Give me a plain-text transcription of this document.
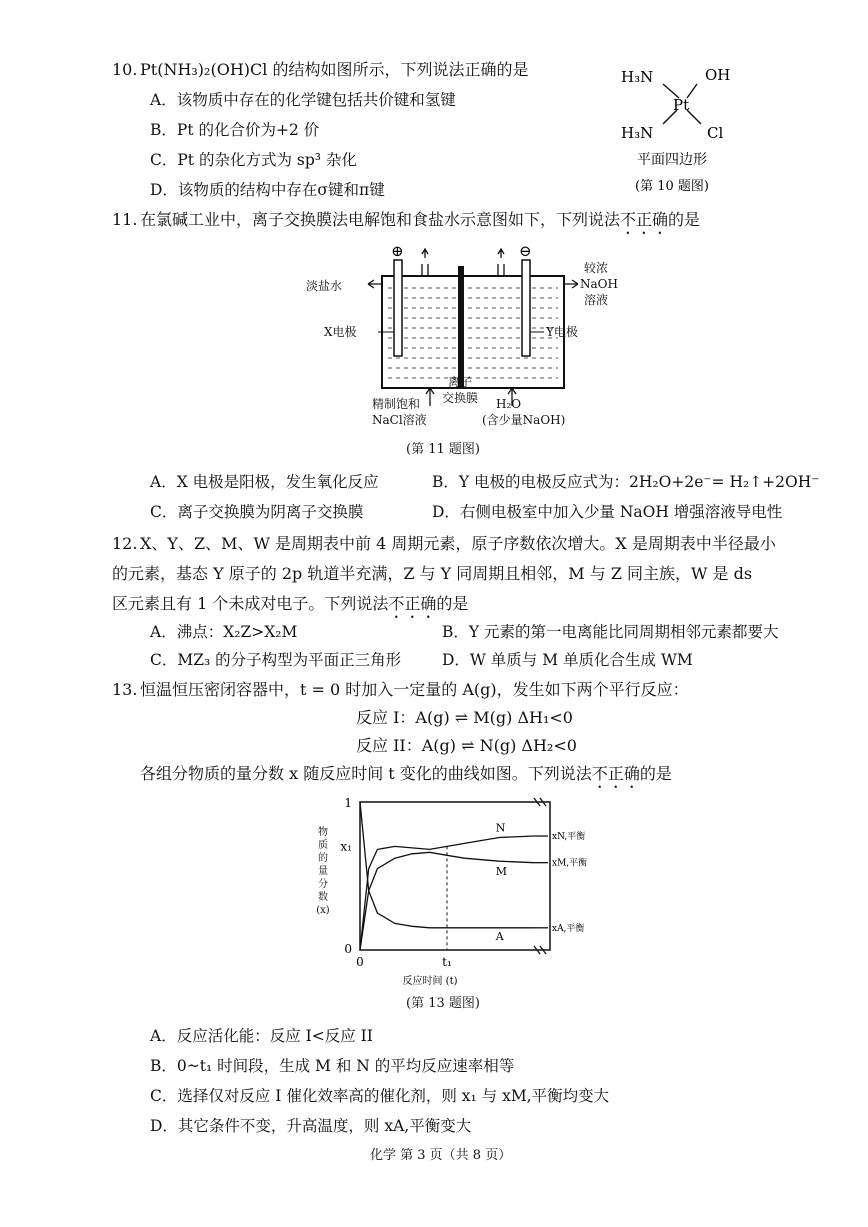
10. Pt(NH₃)₂(OH)Cl 的结构如图所示，下列说法正确的是
A．该物质中存在的化学键包括共价键和氢键
B．Pt 的化合价为+2 价
C．Pt 的杂化方式为 sp³ 杂化
D．该物质的结构中存在σ键和π键
H₃N	OH
Pt
H₃N	Cl
平面四边形
(第 10 题图)
11. 在氯碱工业中，离子交换膜法电解饱和食盐水示意图如下，下列说法不正确的是
⊕	⊖
淡盐水
较浓
NaOH
溶液
X电极	Y电极
离子
交换膜
精制饱和
NaCl溶液
H₂O
(含少量NaOH)
(第 11 题图)
A．X 电极是阳极，发生氧化反应	B．Y 电极的电极反应式为：2H₂O+2e⁻= H₂↑+2OH⁻
C．离子交换膜为阴离子交换膜	D．右侧电极室中加入少量 NaOH 增强溶液导电性
12. X、Y、Z、M、W 是周期表中前 4 周期元素，原子序数依次增大。X 是周期表中半径最小
的元素，基态 Y 原子的 2p 轨道半充满，Z 与 Y 同周期且相邻，M 与 Z 同主族，W 是 ds
区元素且有 1 个未成对电子。下列说法不正确的是
A．沸点：X₂Z>X₂M	B．Y 元素的第一电离能比同周期相邻元素都要大
C．MZ₃ 的分子构型为平面正三角形	D．W 单质与 M 单质化合生成 WM
13. 恒温恒压密闭容器中，t = 0 时加入一定量的 A(g)，发生如下两个平行反应：
反应 I：A(g) ⇌ M(g) ΔH₁<0
反应 II：A(g) ⇌ N(g) ΔH₂<0
各组分物质的量分数 x 随反应时间 t 变化的曲线如图。下列说法不正确的是
1
x₁
0
0	t₁
反应时间 (t)
N
M
A
xN,平衡
xM,平衡
xA,平衡
物质的量分数(x)
(第 13 题图)
A．反应活化能：反应 I<反应 II
B．0~t₁ 时间段，生成 M 和 N 的平均反应速率相等
C．选择仅对反应 I 催化效率高的催化剂，则 x₁ 与 xM,平衡均变大
D．其它条件不变，升高温度，则 xA,平衡变大
化学 第 3 页（共 8 页）
